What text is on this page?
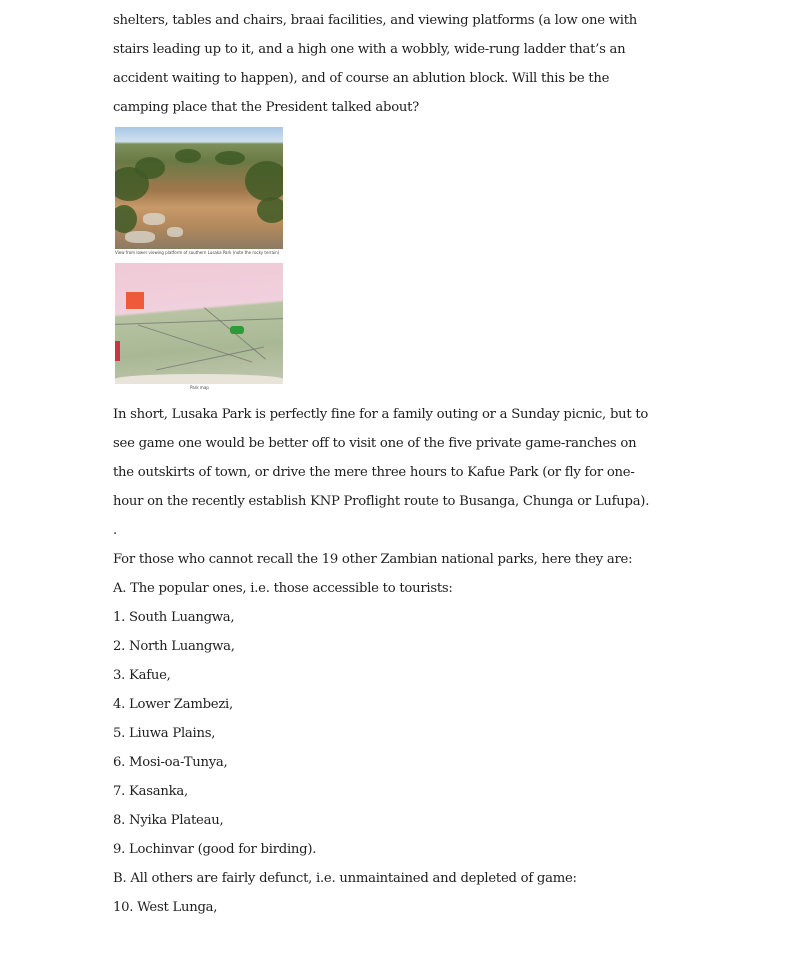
shelters, tables and chairs, braai facilities, and viewing platforms (a low one with
stairs leading up to it, and a high one with a wobbly, wide-rung ladder that’s an
accident waiting to happen), and of course an ablution block. Will this be the
camping place that the President talked about?
View from lower viewing platform of southern Lusaka Park (note the rocky terrain)
Park map
In short, Lusaka Park is perfectly fine for a family outing or a Sunday picnic, but to
see game one would be better off to visit one of the five private game-ranches on
the outskirts of town, or drive the mere three hours to Kafue Park (or fly for one-
hour on the recently establish KNP Proflight route to Busanga, Chunga or Lufupa).
.
For those who cannot recall the 19 other Zambian national parks, here they are:
A. The popular ones, i.e. those accessible to tourists:
1. South Luangwa,
2. North Luangwa,
3. Kafue,
4. Lower Zambezi,
5. Liuwa Plains,
6. Mosi-oa-Tunya,
7. Kasanka,
8. Nyika Plateau,
9. Lochinvar (good for birding).
B. All others are fairly defunct, i.e. unmaintained and depleted of game:
10. West Lunga,
